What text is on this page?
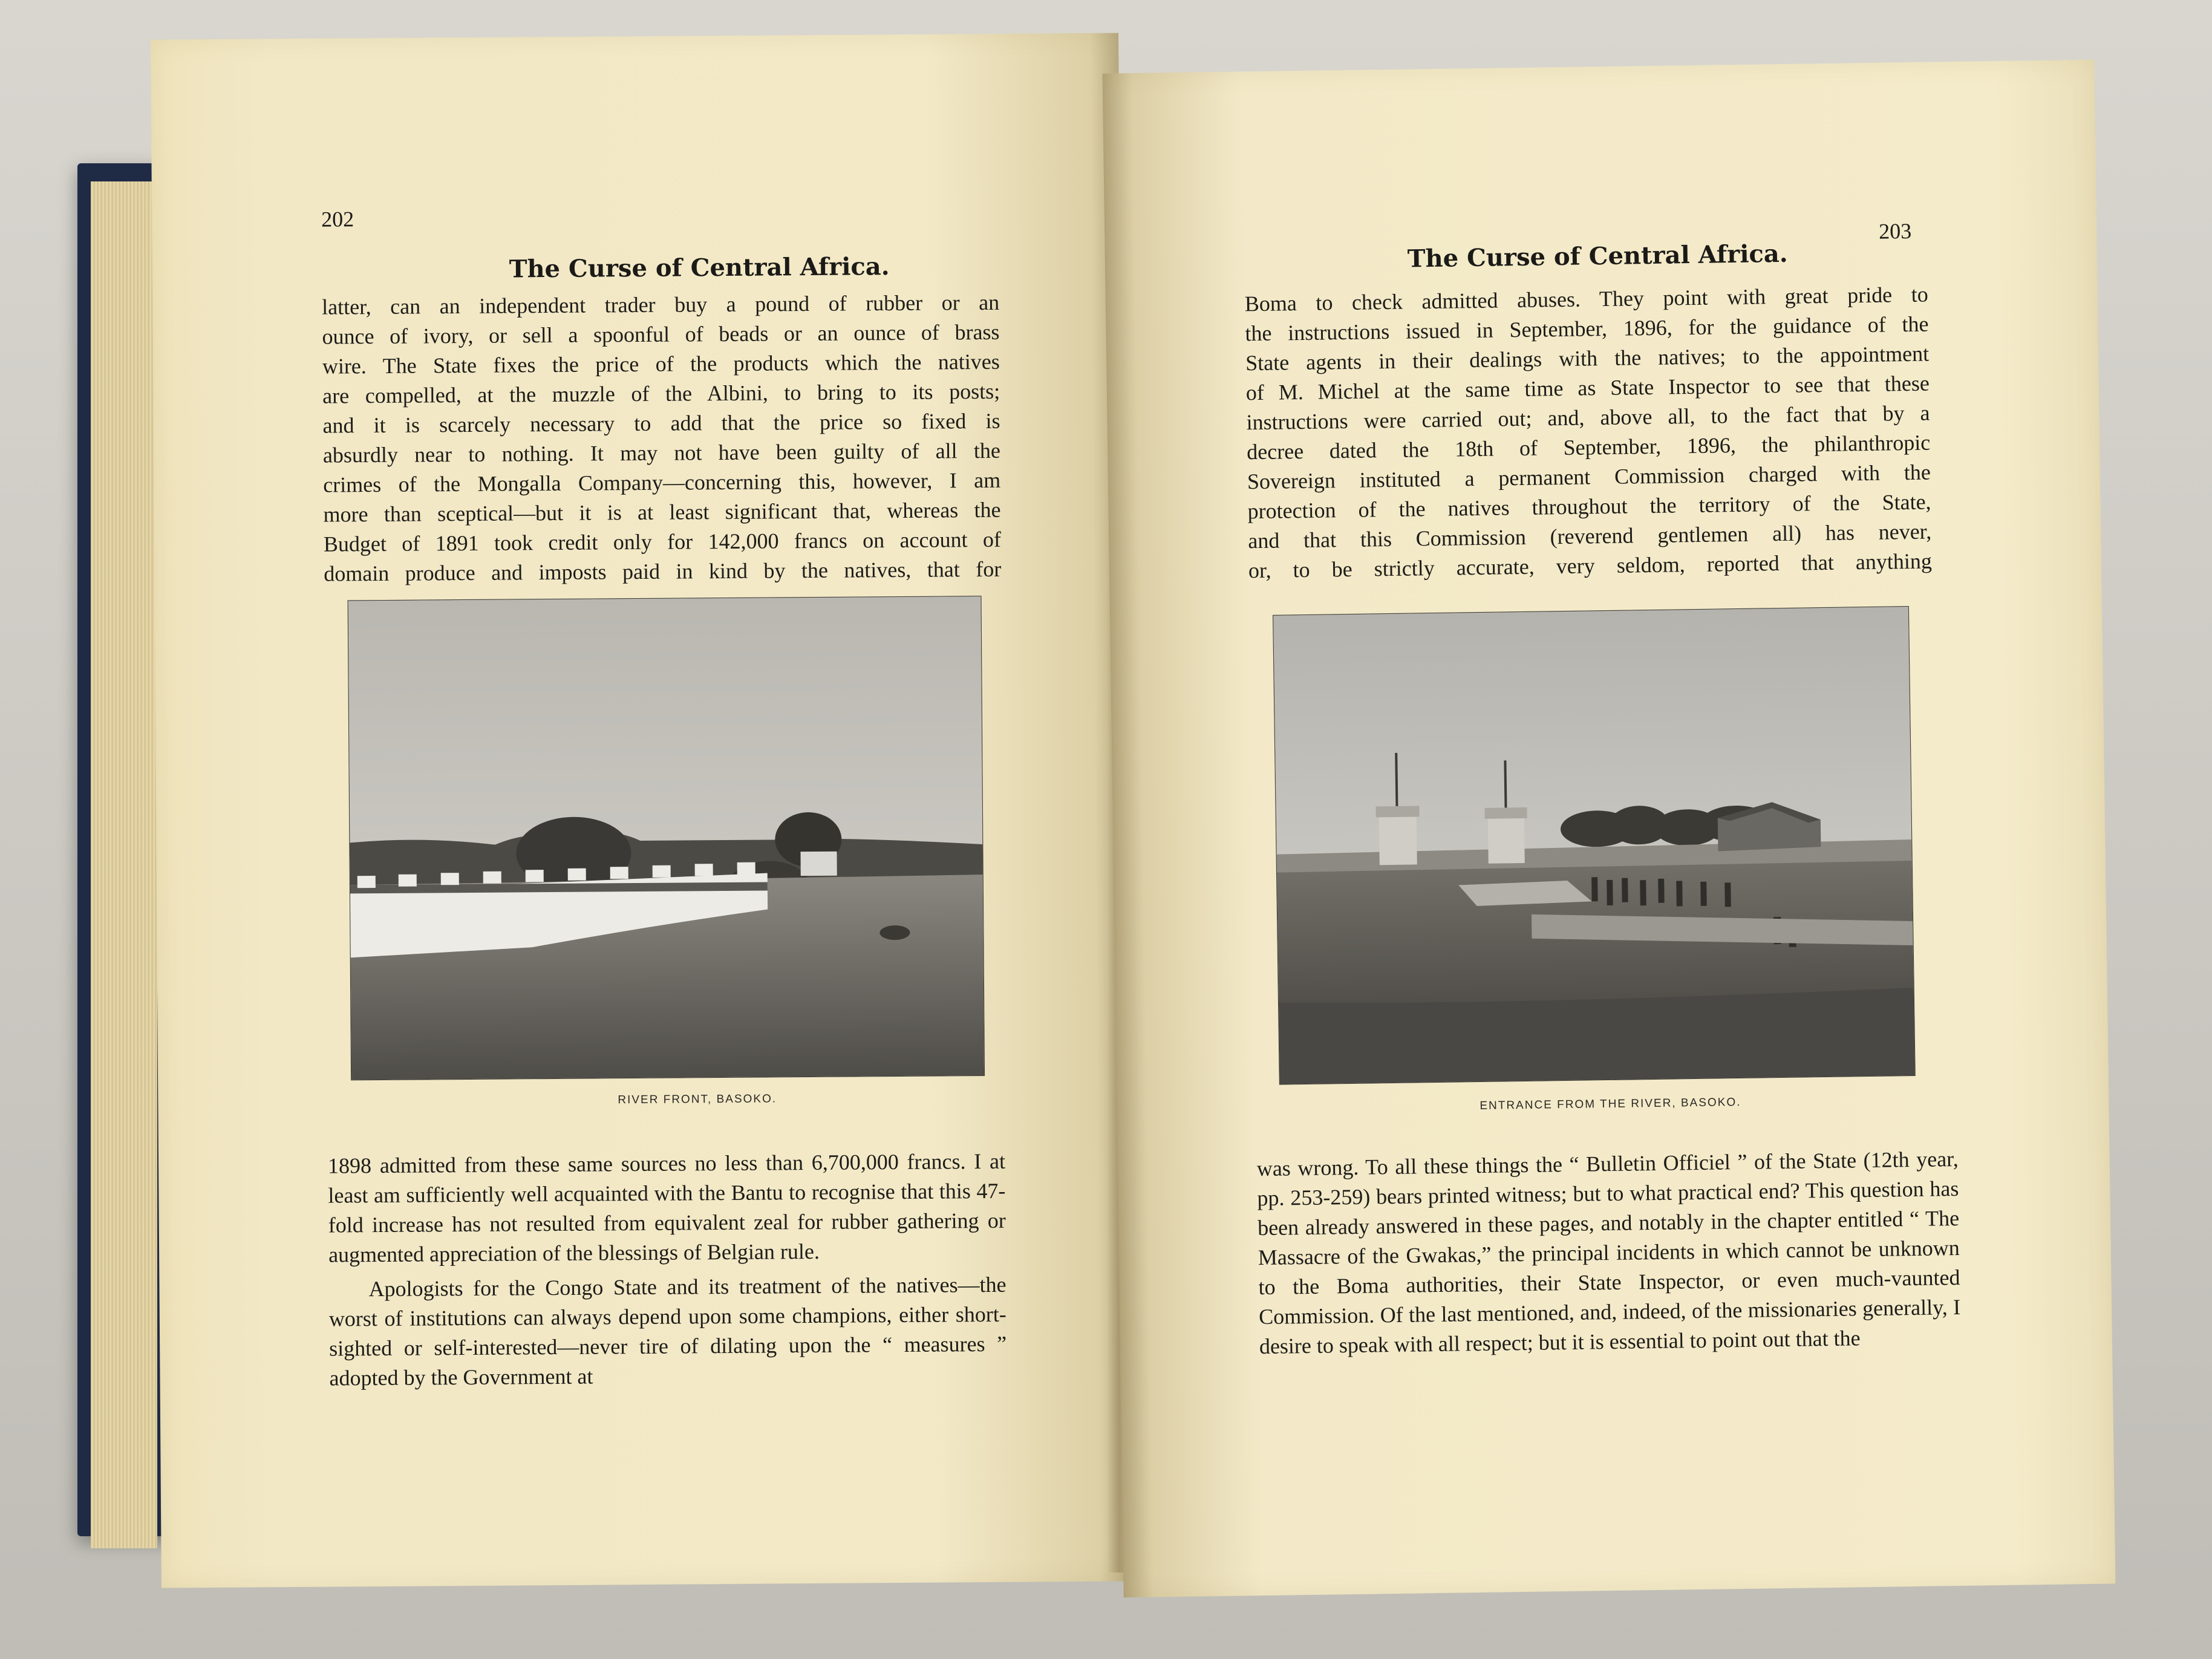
202
The Curse of Central Africa.

latter, can an independent trader buy a pound of rubber or an

ounce of ivory, or sell a spoonful of beads or an ounce of brass

wire. The State fixes the price of the products which the natives

are compelled, at the muzzle of the Albini, to bring to its posts;

and it is scarcely necessary to add that the price so fixed is

absurdly near to nothing. It may not have been guilty of all the

crimes of the Mongalla Company—concerning this, however, I am

more than sceptical—but it is at least significant that, whereas the

Budget of 1891 took credit only for 142,000 francs on account of

domain produce and imposts paid in kind by the natives, that for

RIVER FRONT, BASOKO.

1898 admitted from these same sources no less than 6,700,000 francs. I at least am sufficiently well acquainted with the Bantu to recognise that this 47-fold increase has not resulted from equivalent zeal for rubber gathering or augmented appreciation of the blessings of Belgian rule.

Apologists for the Congo State and its treatment of the natives—the worst of institutions can always depend upon some champions, either short-sighted or self-interested—never tire of dilating upon the “ measures ” adopted by the Government at

The Curse of Central Africa.
203

Boma to check admitted abuses. They point with great pride to

the instructions issued in September, 1896, for the guidance of the

State agents in their dealings with the natives; to the appointment

of M. Michel at the same time as State Inspector to see that these

instructions were carried out; and, above all, to the fact that by a

decree dated the 18th of September, 1896, the philanthropic

Sovereign instituted a permanent Commission charged with the

protection of the natives throughout the territory of the State,

and that this Commission (reverend gentlemen all) has never,

or, to be strictly accurate, very seldom, reported that anything

ENTRANCE FROM THE RIVER, BASOKO.

was wrong. To all these things the “ Bulletin Officiel ” of the State (12th year, pp. 253-259) bears printed witness; but to what practical end? This question has been already answered in these pages, and notably in the chapter entitled “ The Massacre of the Gwakas,” the principal incidents in which cannot be unknown to the Boma authorities, their State Inspector, or even much-vaunted Commission. Of the last mentioned, and, indeed, of the missionaries generally, I desire to speak with all respect; but it is essential to point out that the
